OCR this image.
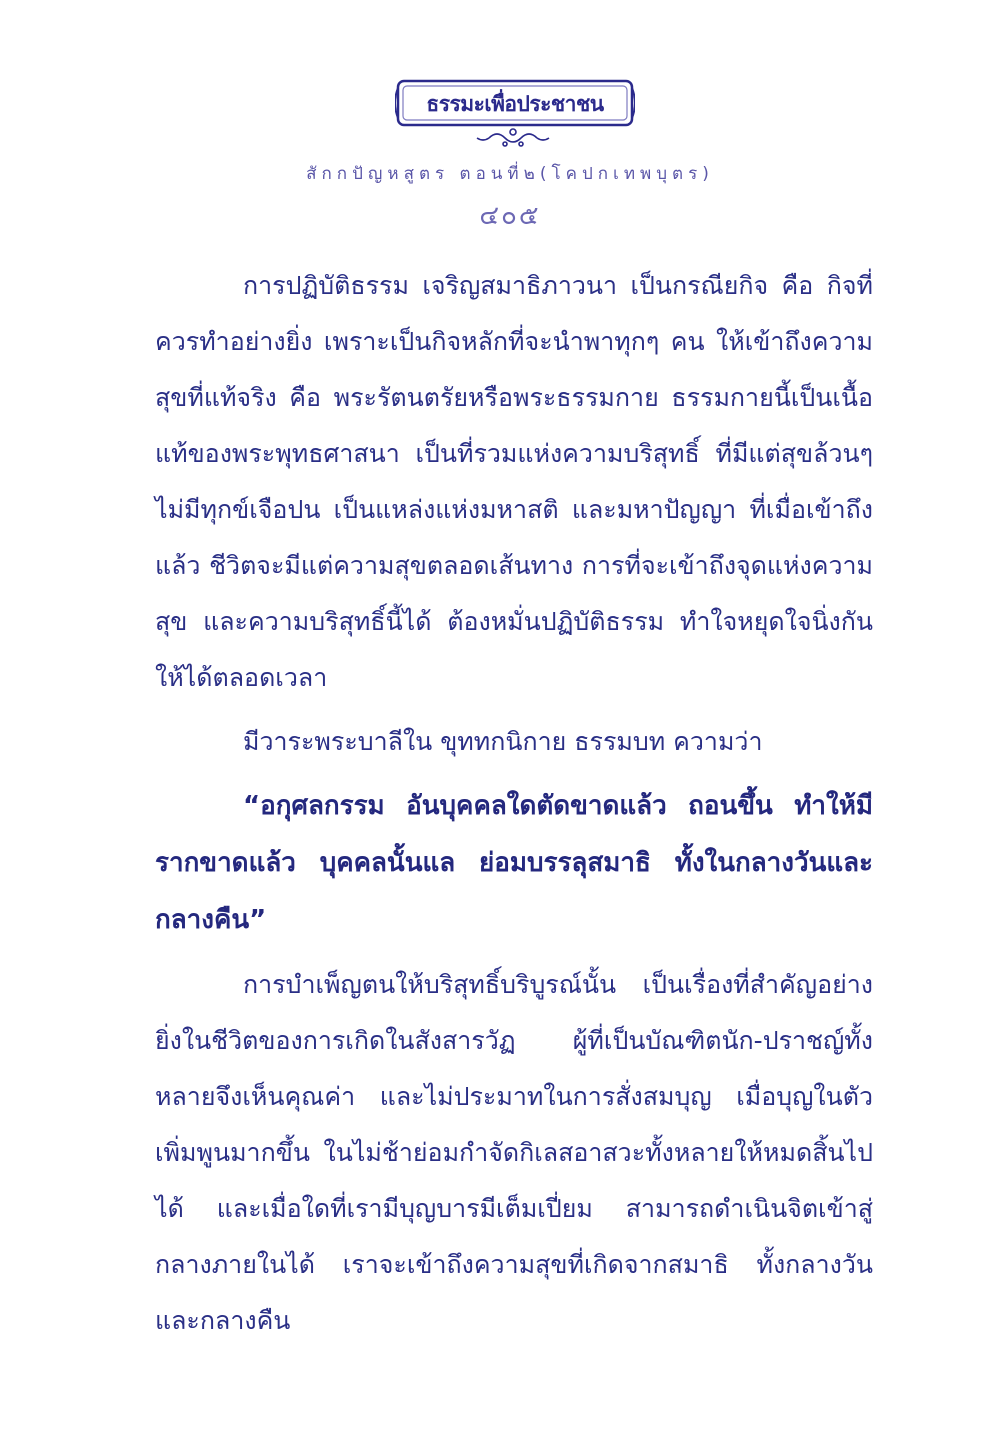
ธรรมะเพื่อประชาชน
สักกปัญหสูตร ตอนที่๒(โคปกเทพบุตร)
๔๐๕

การปฏิบัติธรรม เจริญสมาธิภาวนา เป็นกรณียกิจ คือ กิจที่ควรทำอย่างยิ่ง เพราะเป็นกิจหลักที่จะนำพาทุกๆ คน ให้เข้าถึงความสุขที่แท้จริง คือ พระรัตนตรัยหรือพระธรรมกาย ธรรมกายนี้เป็นเนื้อแท้ของพระพุทธศาสนา เป็นที่รวมแห่งความบริสุทธิ์ ที่มีแต่สุขล้วนๆ ไม่มีทุกข์เจือปน เป็นแหล่งแห่งมหาสติ และมหาปัญญา ที่เมื่อเข้าถึงแล้ว ชีวิตจะมีแต่ความสุขตลอดเส้นทาง การที่จะเข้าถึงจุดแห่งความสุข และความบริสุทธิ์นี้ได้ ต้องหมั่นปฏิบัติธรรม ทำใจหยุดใจนิ่งกันให้ได้ตลอดเวลา

มีวาระพระบาลีใน ขุททกนิกาย ธรรมบท ความว่า

“อกุศลกรรม อันบุคคลใดตัดขาดแล้ว ถอนขึ้น ทำให้มีรากขาดแล้ว บุคคลนั้นแล ย่อมบรรลุสมาธิ ทั้งในกลางวันและกลางคืน”

การบำเพ็ญตนให้บริสุทธิ์บริบูรณ์นั้น เป็นเรื่องที่สำคัญอย่างยิ่งในชีวิตของการเกิดในสังสารวัฏ ผู้ที่เป็นบัณฑิตนัก-ปราชญ์ทั้งหลายจึงเห็นคุณค่า และไม่ประมาทในการสั่งสมบุญ เมื่อบุญในตัวเพิ่มพูนมากขึ้น ในไม่ช้าย่อมกำจัดกิเลสอาสวะทั้งหลายให้หมดสิ้นไปได้ และเมื่อใดที่เรามีบุญบารมีเต็มเปี่ยม สามารถดำเนินจิตเข้าสู่กลางภายในได้ เราจะเข้าถึงความสุขที่เกิดจากสมาธิ ทั้งกลางวันและกลางคืน
